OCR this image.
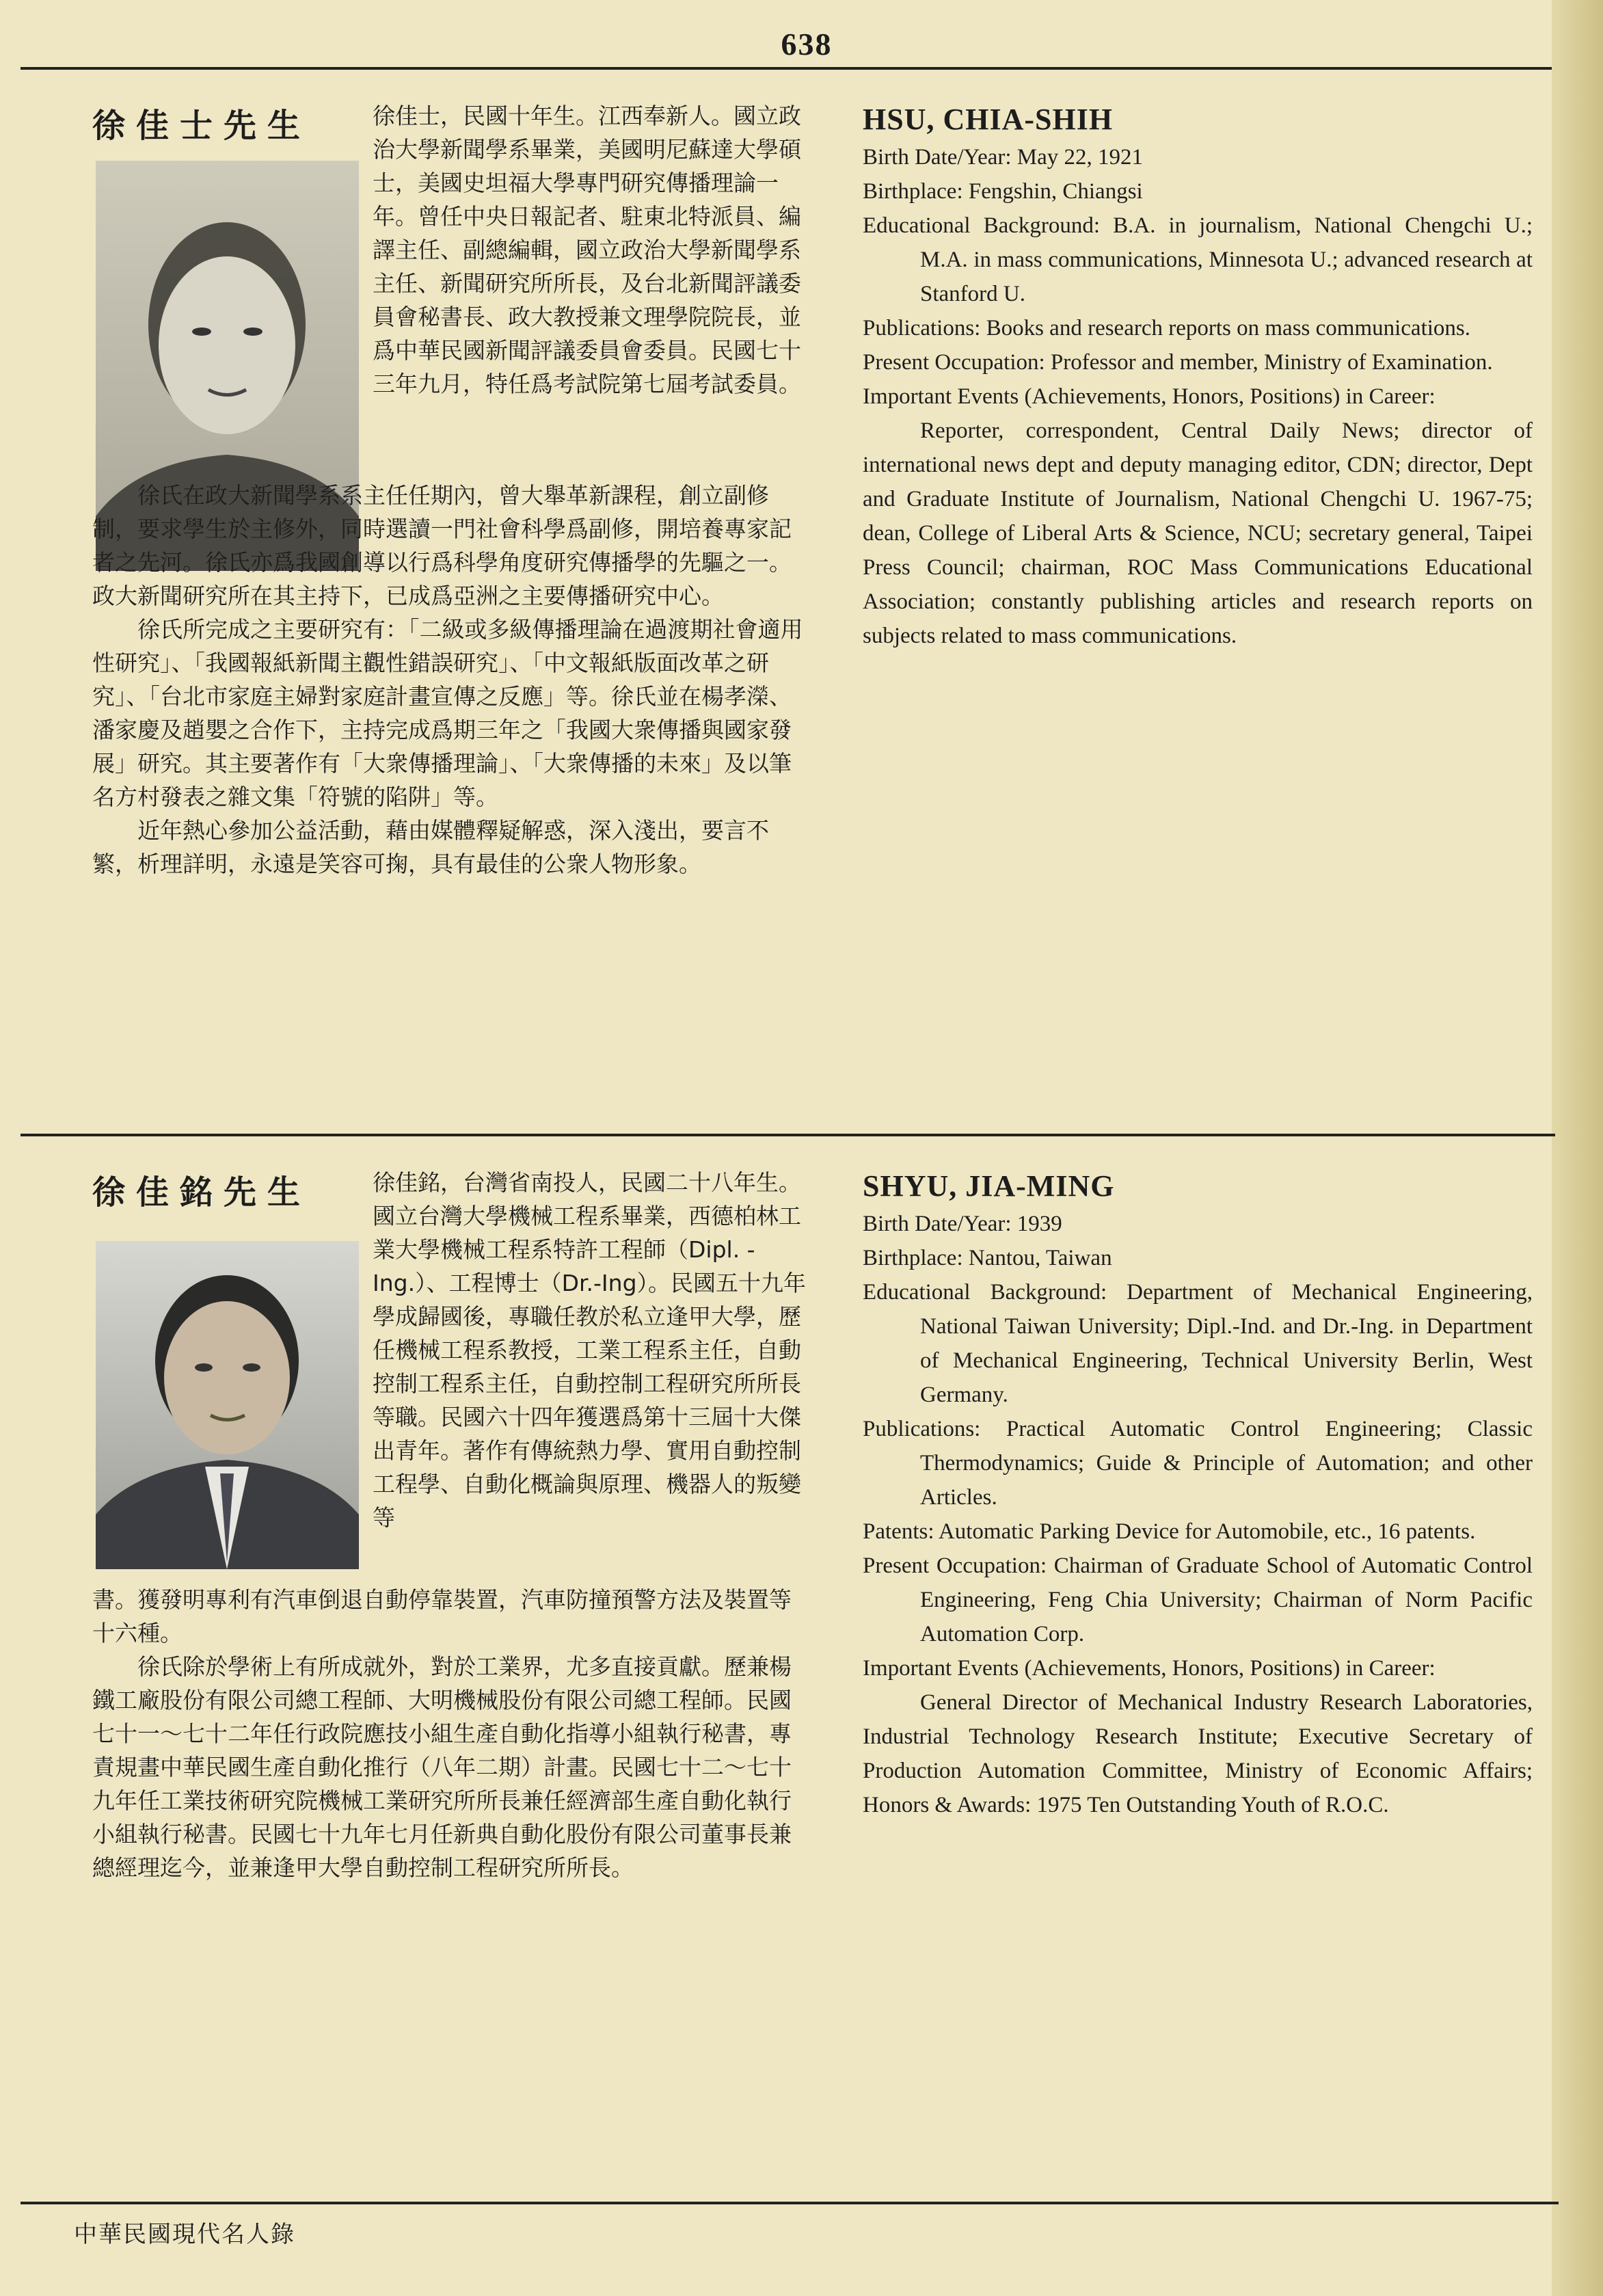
638
徐佳士先生	徐佳士，民國十年生。江西奉新人。國立政治大學新聞學系畢業，美國明尼蘇達大學碩士，美國史坦福大學專門研究傳播理論一年。曾任中央日報記者、駐東北特派員、編譯主任、副總編輯，國立政治大學新聞學系主任、新聞研究所所長，及台北新聞評議委員會秘書長、政大教授兼文理學院院長，並爲中華民國新聞評議委員會委員。民國七十三年九月，特任爲考試院第七屆考試委員。

徐氏在政大新聞學系系主任任期內，曾大舉革新課程，創立副修制，要求學生於主修外，同時選讀一門社會科學爲副修，開培養專家記者之先河。徐氏亦爲我國創導以行爲科學角度研究傳播學的先驅之一。政大新聞研究所在其主持下，已成爲亞洲之主要傳播研究中心。

徐氏所完成之主要研究有：「二級或多級傳播理論在過渡期社會適用性研究」、「我國報紙新聞主觀性錯誤研究」、「中文報紙版面改革之研究」、「台北市家庭主婦對家庭計畫宣傳之反應」等。徐氏並在楊孝濚、潘家慶及趙嬰之合作下，主持完成爲期三年之「我國大衆傳播與國家發展」研究。其主要著作有「大衆傳播理論」、「大衆傳播的未來」及以筆名方村發表之雜文集「符號的陷阱」等。

近年熱心參加公益活動，藉由媒體釋疑解惑，深入淺出，要言不繁，析理詳明，永遠是笑容可掬，具有最佳的公衆人物形象。

HSU, CHIA-SHIH

Birth Date/Year: May 22, 1921

Birthplace: Fengshin, Chiangsi

Educational Background: B.A. in journalism, National Chengchi U.; M.A. in mass communications, Minnesota U.; advanced research at Stanford U.

Publications: Books and research reports on mass communications.

Present Occupation: Professor and member, Ministry of Examination.

Important Events (Achievements, Honors, Positions) in Career:

Reporter, correspondent, Central Daily News; director of international news dept and deputy managing editor, CDN; director, Dept and Graduate Institute of Journalism, National Chengchi U. 1967-75; dean, College of Liberal Arts & Science, NCU; secretary general, Taipei Press Council; chairman, ROC Mass Communications Educational Association; constantly publishing articles and research reports on subjects related to mass communications.

徐佳銘先生	徐佳銘，台灣省南投人，民國二十八年生。國立台灣大學機械工程系畢業，西德柏林工業大學機械工程系特許工程師（Dipl. -Ing.）、工程博士（Dr.-Ing）。民國五十九年學成歸國後，專職任教於私立逢甲大學，歷任機械工程系教授，工業工程系主任，自動控制工程系主任，自動控制工程研究所所長等職。民國六十四年獲選爲第十三屆十大傑出青年。著作有傳統熱力學、實用自動控制工程學、自動化概論與原理、機器人的叛變等

書。獲發明專利有汽車倒退自動停靠裝置，汽車防撞預警方法及裝置等十六種。

徐氏除於學術上有所成就外，對於工業界，尤多直接貢獻。歷兼楊鐵工廠股份有限公司總工程師、大明機械股份有限公司總工程師。民國七十一～七十二年任行政院應技小組生產自動化指導小組執行秘書，專責規畫中華民國生產自動化推行（八年二期）計畫。民國七十二～七十九年任工業技術研究院機械工業研究所所長兼任經濟部生產自動化執行小組執行秘書。民國七十九年七月任新典自動化股份有限公司董事長兼總經理迄今，並兼逢甲大學自動控制工程研究所所長。

SHYU, JIA-MING

Birth Date/Year: 1939

Birthplace: Nantou, Taiwan

Educational Background: Department of Mechanical Engineering, National Taiwan University; Dipl.-Ind. and Dr.-Ing. in Department of Mechanical Engineering, Technical University Berlin, West Germany.

Publications: Practical Automatic Control Engineering; Classic Thermodynamics; Guide & Principle of Automation; and other Articles.

Patents: Automatic Parking Device for Automobile, etc., 16 patents.

Present Occupation: Chairman of Graduate School of Automatic Control Engineering, Feng Chia University; Chairman of Norm Pacific Automation Corp.

Important Events (Achievements, Honors, Positions) in Career:

General Director of Mechanical Industry Research Laboratories, Industrial Technology Research Institute; Executive Secretary of Production Automation Committee, Ministry of Economic Affairs; Honors & Awards: 1975 Ten Outstanding Youth of R.O.C.

中華民國現代名人錄
